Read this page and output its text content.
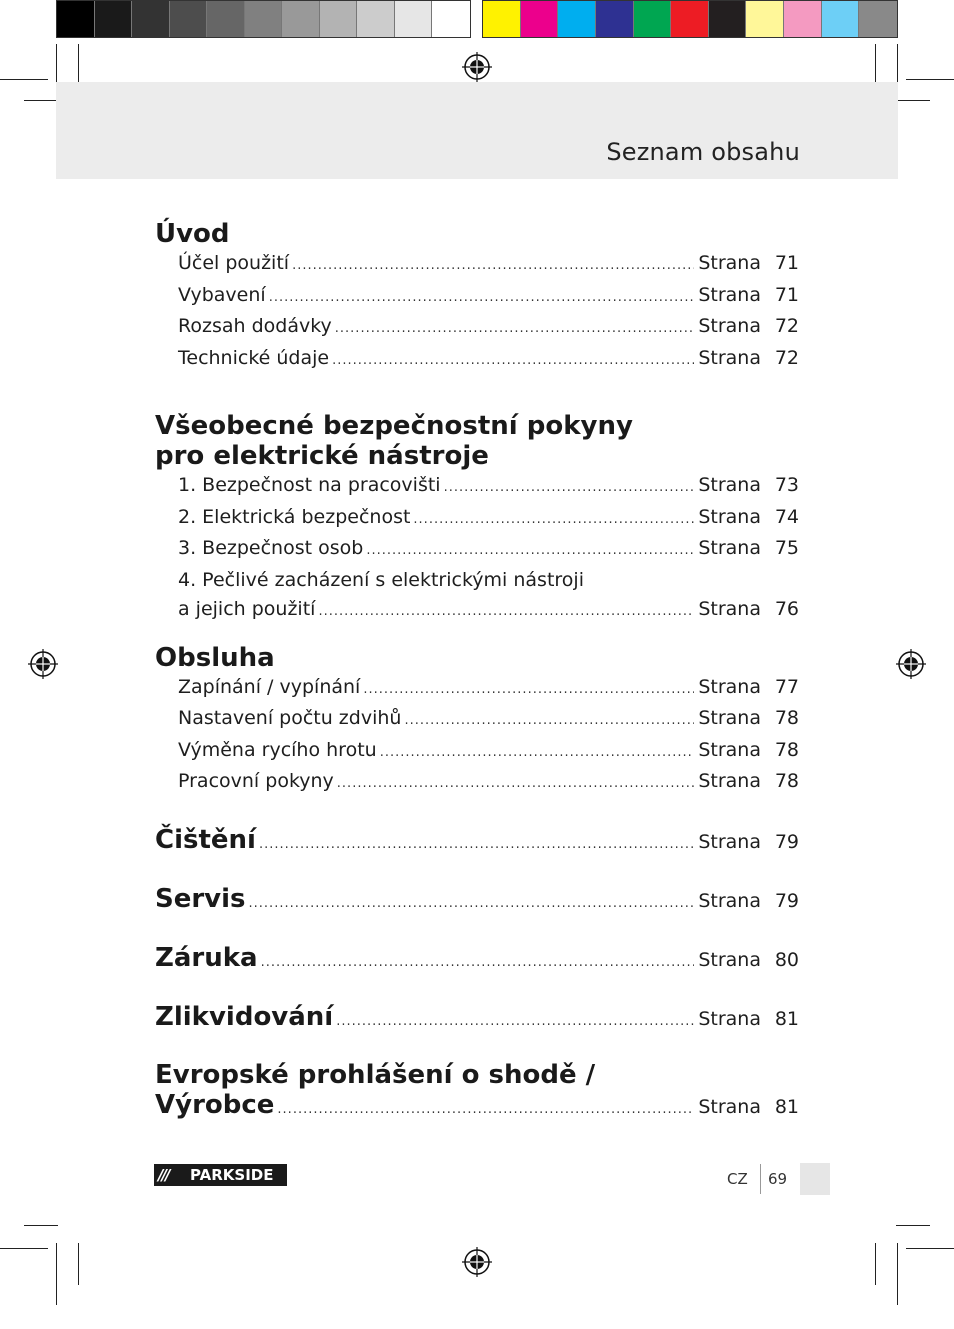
Seznam obsahu
Úvod
Účel použití .....	Strana 71
Vybavení .....	Strana 71
Rozsah dodávky .....	Strana 72
Technické údaje .....	Strana 72
Všeobecné bezpečnostní pokyny
pro elektrické nástroje
1. Bezpečnost na pracovišti .....	Strana 73
2. Elektrická bezpečnost .....	Strana 74
3. Bezpečnost osob .....	Strana 75
4. Pečlivé zacházení s elektrickými nástroji
a jejich použití .....	Strana 76
Obsluha
Zapínání / vypínání .....	Strana 77
Nastavení počtu zdvihů .....	Strana 78
Výměna rycího hrotu .....	Strana 78
Pracovní pokyny .....	Strana 78
Čištění .....	Strana 79
Servis .....	Strana 79
Záruka .....	Strana 80
Zlikvidování .....	Strana 81
Evropské prohlášení o shodě /
Výrobce .....	Strana 81
///	PARKSIDE	CZ 69
